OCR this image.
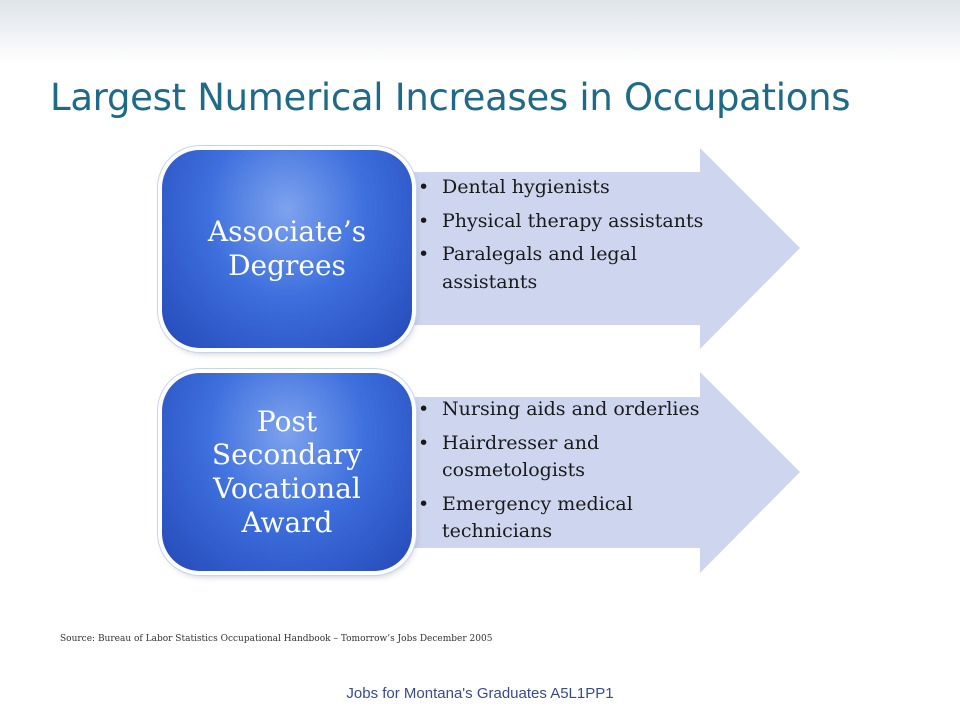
Largest Numerical Increases in Occupations
Associate’s
Degrees
• Dental hygienists
• Physical therapy assistants
• Paralegals and legal assistants
Post
Secondary
Vocational
Award
• Nursing aids and orderlies
• Hairdresser and cosmetologists
• Emergency medical technicians
Source: Bureau of Labor Statistics Occupational Handbook – Tomorrow’s Jobs December 2005
Jobs for Montana's Graduates A5L1PP1
